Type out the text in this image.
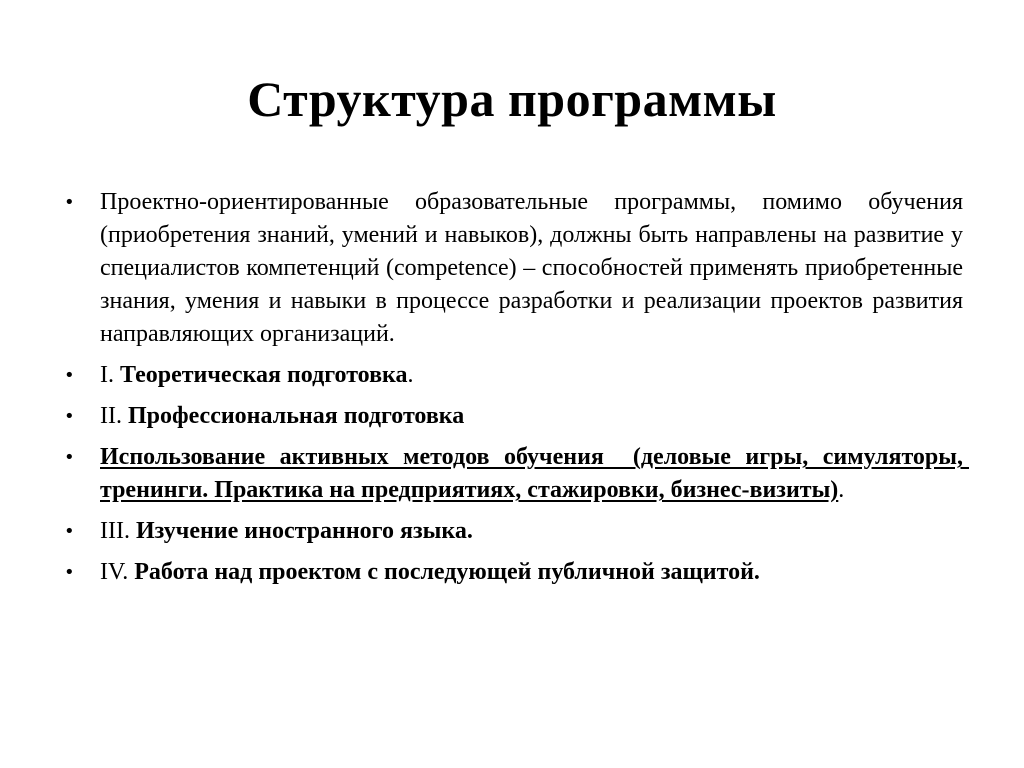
Структура программы
•	Проектно-ориентированные образовательные программы, помимо обучения (приобретения знаний, умений и навыков), должны быть направлены на развитие у специалистов компетенций (competence) – способностей применять приобретенные знания, умения и навыки в процессе разработки и реализации проектов развития направляющих организаций.
•	I. Теоретическая подготовка.
•	II. Профессиональная подготовка
•	Использование активных методов обучения  (деловые игры, симуляторы, тренинги. Практика на предприятиях, стажировки, бизнес-визиты).
•	III. Изучение иностранного языка.
•	IV. Работа над проектом с последующей публичной защитой.
